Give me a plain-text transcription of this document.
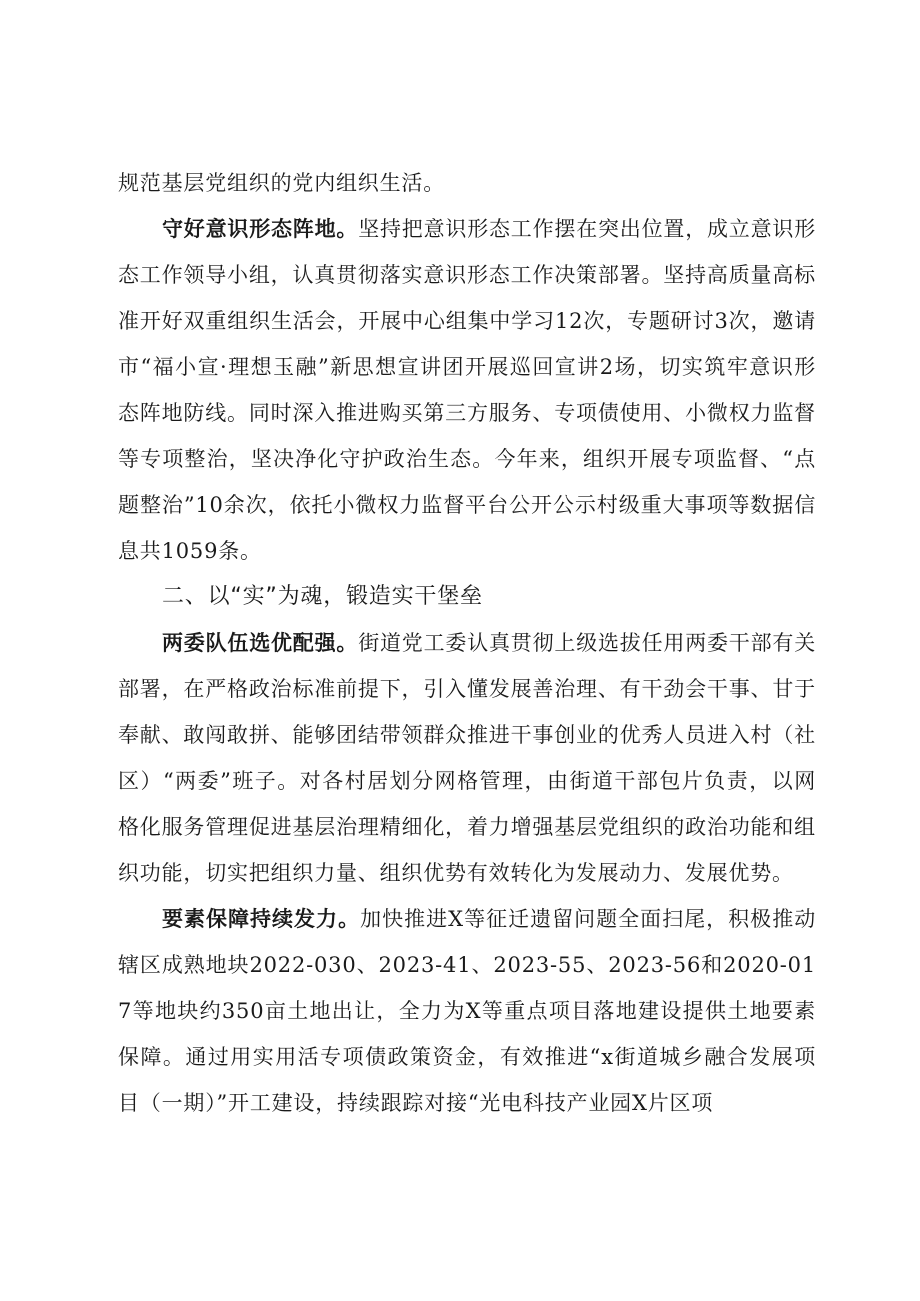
规范基层党组织的党内组织生活。

守好意识形态阵地。坚持把意识形态工作摆在突出位置，成立意识形态工作领导小组，认真贯彻落实意识形态工作决策部署。坚持高质量高标准开好双重组织生活会，开展中心组集中学习12次，专题研讨3次，邀请市“福小宣·理想玉融”新思想宣讲团开展巡回宣讲2场，切实筑牢意识形态阵地防线。同时深入推进购买第三方服务、专项债使用、小微权力监督等专项整治，坚决净化守护政治生态。今年来，组织开展专项监督、“点题整治”10余次，依托小微权力监督平台公开公示村级重大事项等数据信息共1059条。

二、以“实”为魂，锻造实干堡垒

两委队伍选优配强。街道党工委认真贯彻上级选拔任用两委干部有关部署，在严格政治标准前提下，引入懂发展善治理、有干劲会干事、甘于奉献、敢闯敢拼、能够团结带领群众推进干事创业的优秀人员进入村（社区）“两委”班子。对各村居划分网格管理，由街道干部包片负责，以网格化服务管理促进基层治理精细化，着力增强基层党组织的政治功能和组织功能，切实把组织力量、组织优势有效转化为发展动力、发展优势。

要素保障持续发力。加快推进X等征迁遗留问题全面扫尾，积极推动辖区成熟地块2022-030、2023-41、2023-55、2023-56和2020-017等地块约350亩土地出让，全力为X等重点项目落地建设提供土地要素保障。通过用实用活专项债政策资金，有效推进“x街道城乡融合发展项目（一期）”开工建设，持续跟踪对接“光电科技产业园X片区项
